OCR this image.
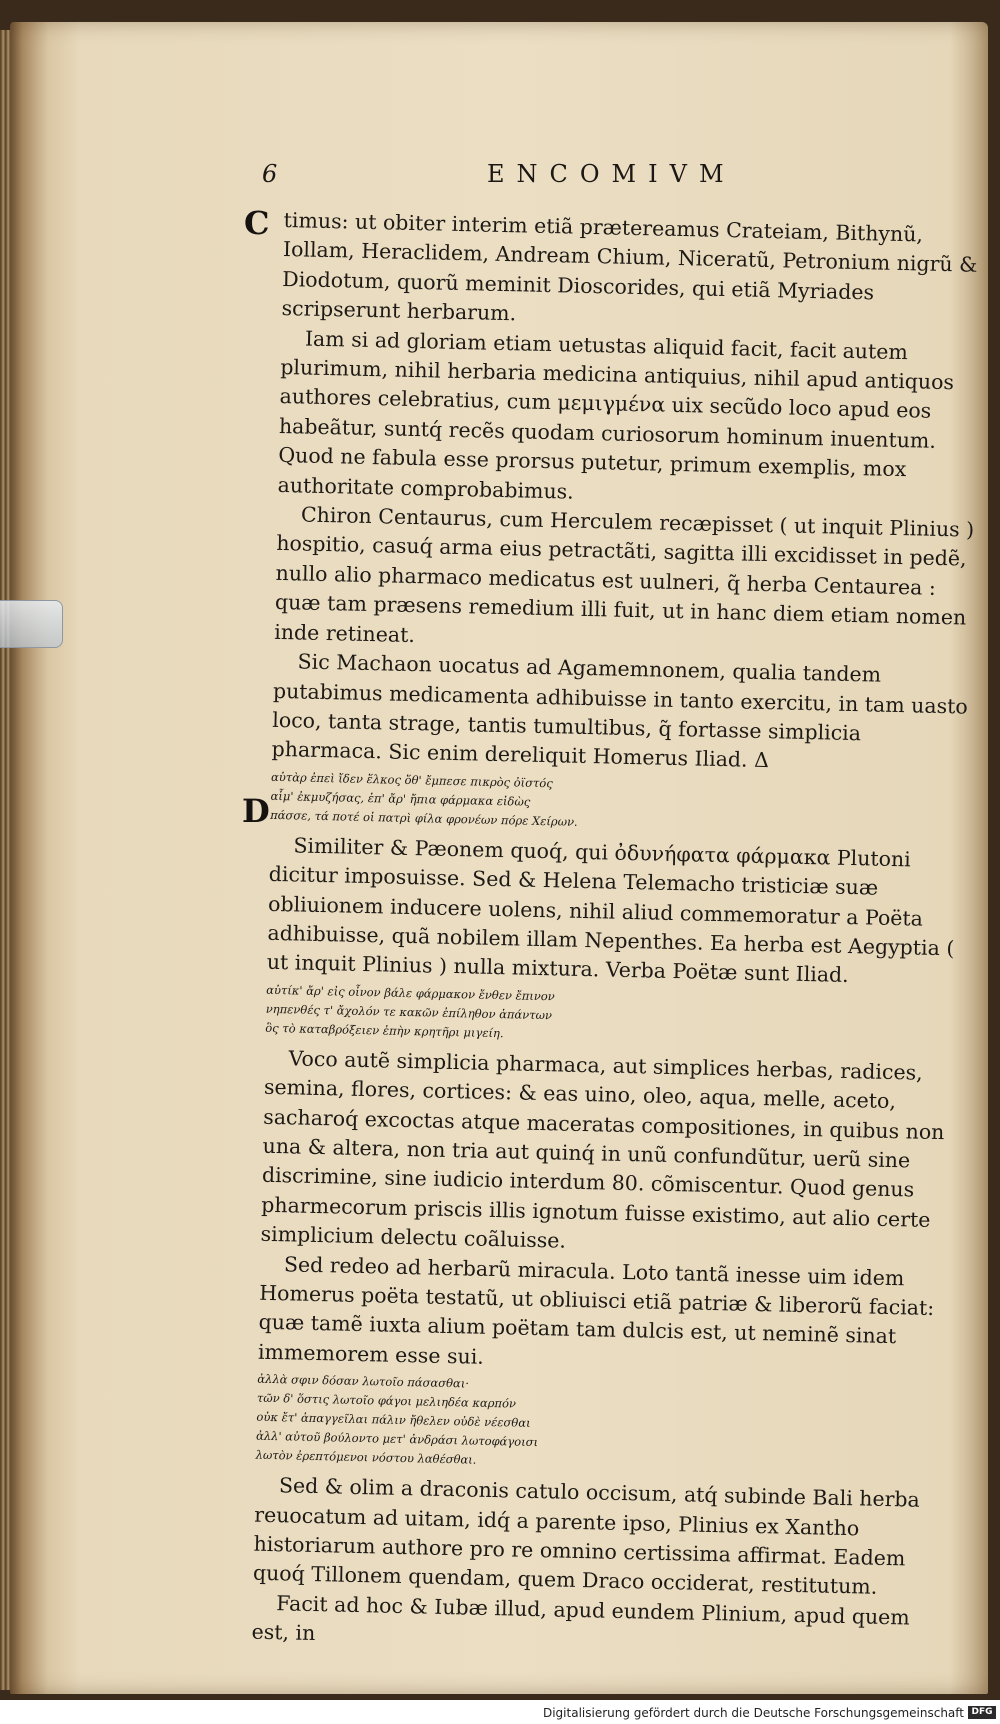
6	ENCOMIVM
C
D

timus: ut obiter interim etiã prætereamus Crateiam, Bithynũ, Iollam, Heraclidem, Andream Chium, Niceratũ, Petronium nigrũ & Diodotum, quorũ meminit Dioscorides, qui etiã Myriades scripserunt herbarum.

Iam si ad gloriam etiam uetustas aliquid facit, facit autem plurimum, nihil herbaria medicina antiquius, nihil apud antiquos authores celebratius, cum μεμιγμένα uix secũdo loco apud eos habeãtur, suntq́ recẽs quodam curiosorum hominum inuentum. Quod ne fabula esse prorsus putetur, primum exemplis, mox authoritate comprobabimus.

Chiron Centaurus, cum Herculem recæpisset ( ut inquit Plinius ) hospitio, casuq́ arma eius petractãti, sagitta illi excidisset in pedẽ, nullo alio pharmaco medicatus est uulneri, q̃ herba Centaurea : quæ tam præsens remedium illi fuit, ut in hanc diem etiam nomen inde retineat.

Sic Machaon uocatus ad Agamemnonem, qualia tandem putabimus medicamenta adhibuisse in tanto exercitu, in tam uasto loco, tanta strage, tantis tumultibus, q̃ fortasse simplicia pharmaca. Sic enim dereliquit Homerus Iliad. Δ

αὐτὰρ ἐπεὶ ἴδεν ἕλκος ὅθ' ἔμπεσε πικρὸς ὀϊστός
αἷμ' ἐκμυζήσας, ἐπ' ἄρ' ἤπια φάρμακα εἰδὼς
πάσσε, τά ποτέ οἱ πατρὶ φίλα φρονέων πόρε Χείρων.

Similiter & Pæonem quoq́, qui ὀδυνήφατα φάρμακα Plutoni dicitur imposuisse. Sed & Helena Telemacho tristiciæ suæ obliuionem inducere uolens, nihil aliud commemoratur a Poëta adhibuisse, quã nobilem illam Nepenthes. Ea herba est Aegyptia ( ut inquit Plinius ) nulla mixtura. Verba Poëtæ sunt Iliad.

αὐτίκ' ἄρ' εἰς οἶνον βάλε φάρμακον ἔνθεν ἔπινον
νηπενθές τ' ἄχολόν τε κακῶν ἐπίληθον ἁπάντων
ὃς τὸ καταβρόξειεν ἐπὴν κρητῆρι μιγείη.

Voco autẽ simplicia pharmaca, aut simplices herbas, radices, semina, flores, cortices: & eas uino, oleo, aqua, melle, aceto, sacharoq́ excoctas atque maceratas compositiones, in quibus non una & altera, non tria aut quinq́ in unũ confundũtur, uerũ sine discrimine, sine iudicio interdum 80. cõmiscentur. Quod genus pharmecorum priscis illis ignotum fuisse existimo, aut alio certe simplicium delectu coãluisse.

Sed redeo ad herbarũ miracula. Loto tantã inesse uim idem Homerus poëta testatũ, ut obliuisci etiã patriæ & liberorũ faciat: quæ tamẽ iuxta alium poëtam tam dulcis est, ut neminẽ sinat immemorem esse sui.

ἀλλὰ σφιν δόσαν λωτοῖο πάσασθαι·
τῶν δ' ὅστις λωτοῖο φάγοι μελιηδέα καρπόν
οὐκ ἔτ' ἀπαγγεῖλαι πάλιν ἤθελεν οὐδὲ νέεσθαι
ἀλλ' αὐτοῦ βούλοντο μετ' ἀνδράσι λωτοφάγοισι
λωτὸν ἐρεπτόμενοι νόστου λαθέσθαι.

Sed & olim a draconis catulo occisum, atq́ subinde Bali herba reuocatum ad uitam, idq́ a parente ipso, Plinius ex Xantho historiarum authore pro re omnino certissima affirmat. Eadem quoq́ Tillonem quendam, quem Draco occiderat, restitutum.

Facit ad hoc & Iubæ illud, apud eundem Plinium, apud quem est, in

Digitalisierung gefördert durch die Deutsche Forschungsgemeinschaft DFG
